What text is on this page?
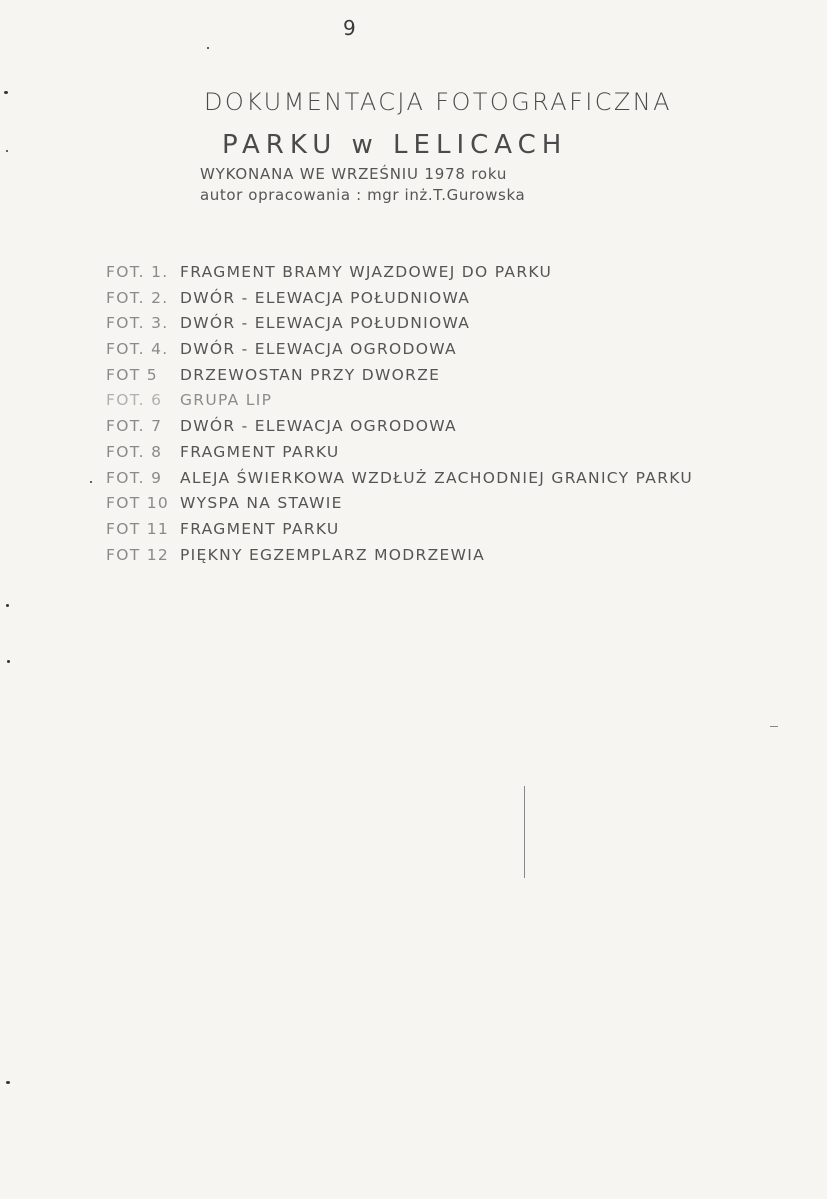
9
DOKUMENTACJA FOTOGRAFICZNA
PARKU w LELICACH
WYKONANA WE WRZEŚNIU 1978 roku
autor opracowania : mgr inż.T.Gurowska
FOT. 1. FRAGMENT BRAMY WJAZDOWEJ DO PARKU
FOT. 2. DWÓR - ELEWACJA POŁUDNIOWA
FOT. 3. DWÓR - ELEWACJA POŁUDNIOWA
FOT. 4. DWÓR - ELEWACJA OGRODOWA
FOT 5 DRZEWOSTAN PRZY DWORZE
FOT. 6 GRUPA LIP
FOT. 7 DWÓR - ELEWACJA OGRODOWA
FOT. 8 FRAGMENT PARKU
FOT. 9 ALEJA ŚWIERKOWA WZDŁUŻ ZACHODNIEJ GRANICY PARKU
FOT 10 WYSPA NA STAWIE
FOT 11 FRAGMENT PARKU
FOT 12 PIĘKNY EGZEMPLARZ MODRZEWIA
